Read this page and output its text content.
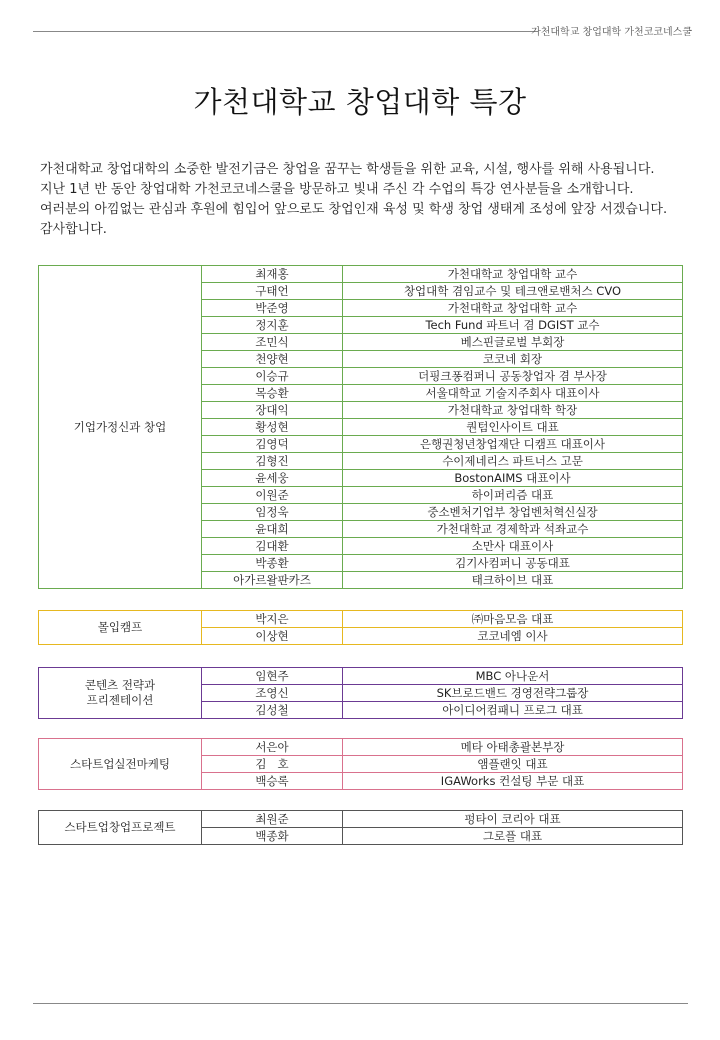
가천대학교 창업대학 가천코코네스쿨
가천대학교 창업대학 특강

가천대학교 창업대학의 소중한 발전기금은 창업을 꿈꾸는 학생들을 위한 교육, 시설, 행사를 위해 사용됩니다.

지난 1년 반 동안 창업대학 가천코코네스쿨을 방문하고 빛내 주신 각 수업의 특강 연사분들을 소개합니다.

여러분의 아낌없는 관심과 후원에 힘입어 앞으로도 창업인재 육성 및 학생 창업 생태계 조성에 앞장 서겠습니다.

감사합니다.

기업가정신과 창업	최재홍	가천대학교 창업대학 교수
	구태언	창업대학 겸임교수 및 테크앤로밴처스 CVO
	박준영	가천대학교 창업대학 교수
	정지훈	Tech Fund 파트너 겸 DGIST 교수
	조민식	베스핀글로벌 부회장
	천양현	코코네 회장
	이승규	더핑크퐁컴퍼니 공동창업자 겸 부사장
	목승환	서울대학교 기술지주회사 대표이사
	장대익	가천대학교 창업대학 학장
	황성현	퀀텀인사이트 대표
	김영덕	은행권청년창업재단 디캠프 대표이사
	김형진	수이제네리스 파트너스 고문
	윤세웅	BostonAIMS 대표이사
	이원준	하이퍼리즘 대표
	임정욱	중소벤처기업부 창업벤처혁신실장
	윤대희	가천대학교 경제학과 석좌교수
	김대환	소만사 대표이사
	박종환	김기사컴퍼니 공동대표
	아가르왈판카즈	태크하이브 대표
몰입캠프	박지은	㈜마음모음 대표
	이상현	코코네엠 이사
콘텐츠 전략과
프리젠테이션	임현주	MBC 아나운서
	조영신	SK브로드밴드 경영전략그룹장
	김성철	아이디어컴패니 프로그 대표
스타트업실전마케팅	서은아	메타 아태총괄본부장
	김   호	앰플랜잇 대표
	백승록	IGAWorks 컨설팅 부문 대표
스타트업창업프로젝트	최원준	펑타이 코리아 대표
	백종화	그로플 대표
